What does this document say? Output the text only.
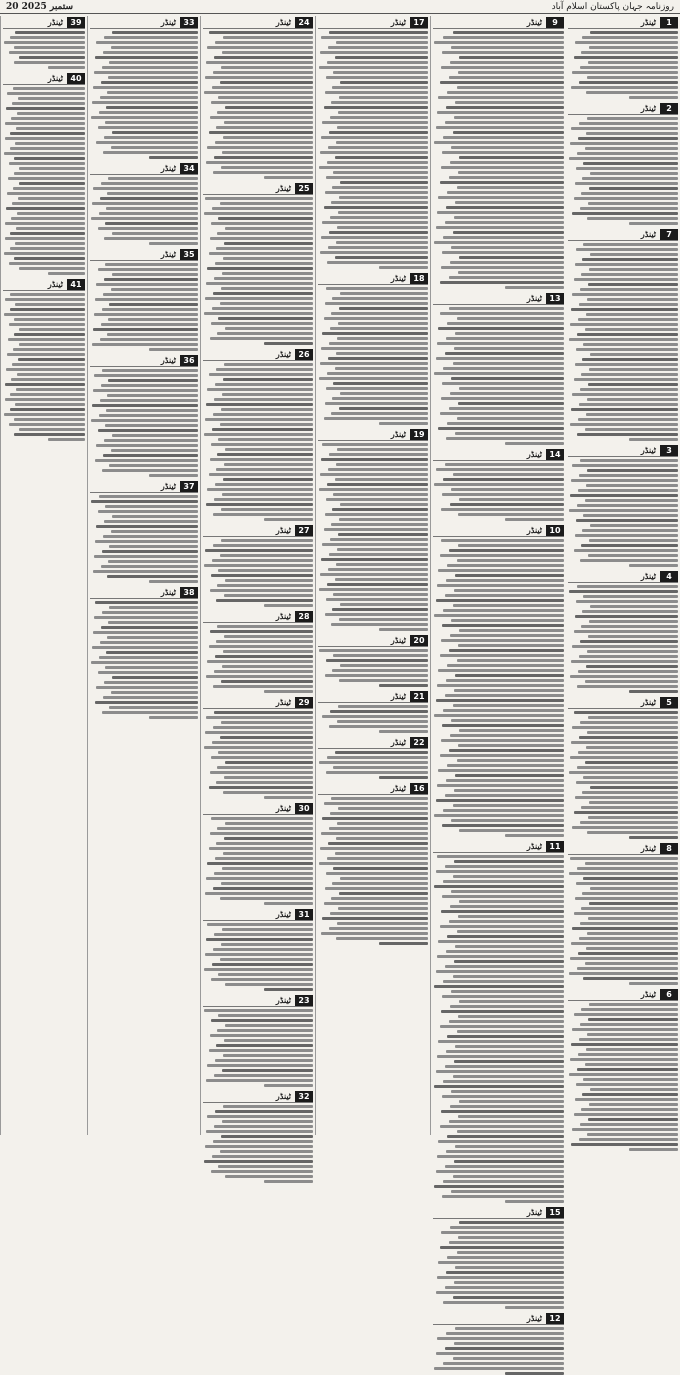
20 ستمبر 2025	روزنامہ جہان پاکستان اسلام آباد
ٹینڈر	1
ٹینڈر	2
ٹینڈر	7
ٹینڈر	3
ٹینڈر	4
ٹینڈر	5
ٹینڈر	8
ٹینڈر	6
ٹینڈر	9
ٹینڈر 13
ٹینڈر 14
ٹینڈر 10
ٹینڈر 11
ٹینڈر 15
ٹینڈر 12
ٹینڈر 17
ٹینڈر 18
ٹینڈر 19
ٹینڈر 20
ٹینڈر 21
ٹینڈر 22
ٹینڈر 16
ٹینڈر 24
ٹینڈر 25
ٹینڈر 26
ٹینڈر 27
ٹینڈر 28
ٹینڈر 29
ٹینڈر 30
ٹینڈر 31
ٹینڈر 23
ٹینڈر 32
ٹینڈر 33
ٹینڈر 34
ٹینڈر 35
ٹینڈر 36
ٹینڈر 37
ٹینڈر 38
ٹینڈر 39
ٹینڈر 40
ٹینڈر 41
